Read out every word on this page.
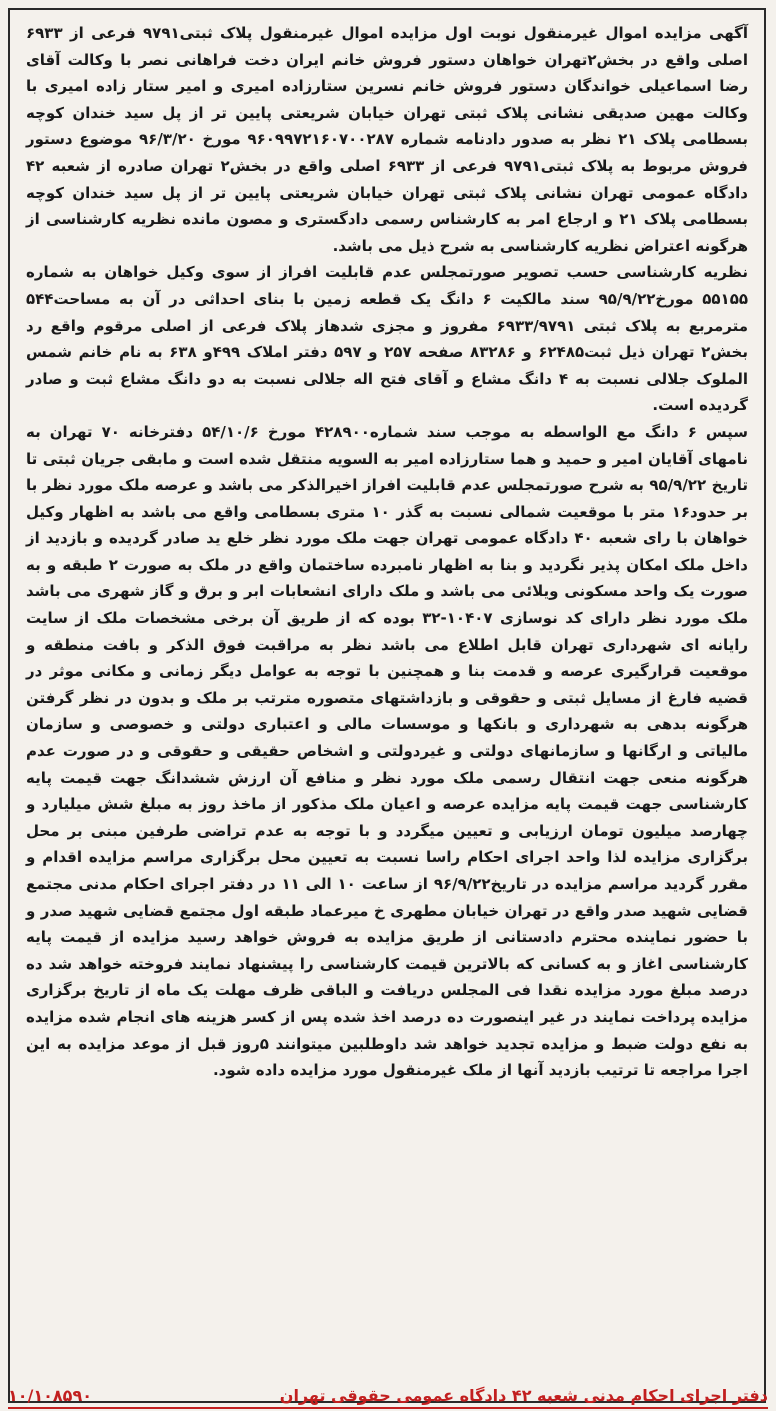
آگهی مزایده اموال غیرمنقول نوبت اول مزایده اموال غیرمنقول پلاک ثبتی۹۷۹۱ فرعی از ۶۹۳۳ اصلی واقع در بخش۲تهران خواهان دستور فروش خانم ایران دخت فراهانی نصر با وکالت آقای رضا اسماعیلی خواندگان دستور فروش خانم نسرین ستارزاده امیری و امیر ستار زاده امیری با وکالت مهین صدیقی نشانی پلاک ثبتی تهران خیابان شریعتی پایین تر از پل سید خندان کوچه بسطامی پلاک ۲۱ نظر به صدور دادنامه شماره ۹۶۰۹۹۷۲۱۶۰۷۰۰۲۸۷ مورخ ۹۶/۳/۲۰ موضوع دستور فروش مربوط به پلاک ثبتی۹۷۹۱ فرعی از ۶۹۳۳ اصلی واقع در بخش۲ تهران صادره از شعبه ۴۲ دادگاه عمومی تهران نشانی پلاک ثبتی تهران خیابان شریعتی پایین تر از پل سید خندان کوچه بسطامی پلاک ۲۱ و ارجاع امر به کارشناس رسمی دادگستری و مصون مانده نظریه کارشناسی از هرگونه اعتراض نظریه کارشناسی به شرح ذیل می باشد.

نظریه کارشناسی حسب تصویر صورتمجلس عدم قابلیت افراز از سوی وکیل خواهان به شماره ۵۵۱۵۵ مورخ۹۵/۹/۲۲ سند مالکیت ۶ دانگ یک قطعه زمین با بنای احداثی در آن به مساحت۵۴۴ مترمربع به پلاک ثبتی ۶۹۳۳/۹۷۹۱ مفروز و مجزی شدهاز پلاک فرعی از اصلی مرقوم واقع رد بخش۲ تهران ذیل ثبت۶۲۴۸۵ و ۸۳۲۸۶ صفحه ۲۵۷ و ۵۹۷ دفتر املاک ۴۹۹و ۶۳۸ به نام خانم شمس الملوک جلالی نسبت به ۴ دانگ مشاع و آقای فتح اله جلالی نسبت به دو دانگ مشاع ثبت و صادر گردیده است.

سپس ۶ دانگ مع الواسطه به موجب سند شماره۴۲۸۹۰۰ مورخ ۵۴/۱۰/۶ دفترخانه ۷۰ تهران به نامهای آقایان امیر و حمید و هما ستارزاده امیر به السویه منتقل شده است و مابقی جریان ثبتی تا تاریخ ۹۵/۹/۲۲ به شرح صورتمجلس عدم قابلیت افراز اخیرالذکر می باشد و عرصه ملک مورد نظر با بر حدود۱۶ متر با موقعیت شمالی نسبت به گذر ۱۰ متری بسطامی واقع می باشد به اظهار وکیل خواهان با رای شعبه ۴۰ دادگاه عمومی تهران جهت ملک مورد نظر خلع ید صادر گردیده و بازدید از داخل ملک امکان پذیر نگردید و بنا به اظهار نامبرده ساختمان واقع در ملک به صورت ۲ طبقه و به صورت یک واحد مسکونی ویلائی می باشد و ملک دارای انشعابات ابر و برق و گاز شهری می باشد ملک مورد نظر دارای کد نوسازی ۱۰۴۰۷-۳۲ بوده که از طریق آن برخی مشخصات ملک از سایت رایانه ای شهرداری تهران قابل اطلاع می باشد نظر به مراقبت فوق الذکر و بافت منطقه و موقعیت قرارگیری عرصه و قدمت بنا و همچنین با توجه به عوامل دیگر زمانی و مکانی موثر در قضیه فارغ از مسایل ثبتی و حقوقی و بازداشتهای متصوره مترتب بر ملک و بدون در نظر گرفتن هرگونه بدهی به شهرداری و بانکها و موسسات مالی و اعتباری دولتی و خصوصی و سازمان مالیاتی و ارگانها و سازمانهای دولتی و غیردولتی و اشخاص حقیقی و حقوقی و در صورت عدم هرگونه منعی جهت انتقال رسمی ملک مورد نظر و منافع آن ارزش ششدانگ جهت قیمت پایه کارشناسی جهت قیمت پایه مزایده عرصه و اعیان ملک مذکور از ماخذ روز به مبلغ شش میلیارد و چهارصد میلیون تومان ارزیابی و تعیین میگردد و با توجه به عدم تراضی طرفین مبنی بر محل برگزاری مزایده لذا واحد اجرای احکام راسا نسبت به تعیین محل برگزاری مراسم مزایده اقدام و مقرر گردید مراسم مزایده در تاریخ۹۶/۹/۲۲ از ساعت ۱۰ الی ۱۱ در دفتر اجرای احکام مدنی مجتمع قضایی شهید صدر واقع در تهران خیابان مطهری خ میرعماد طبقه اول مجتمع قضایی شهید صدر و با حضور نماینده محترم دادستانی از طریق مزایده به فروش خواهد رسید مزایده از قیمت پایه کارشناسی اغاز و به کسانی که بالاترین قیمت کارشناسی را پیشنهاد نمایند فروخته خواهد شد ده درصد مبلغ مورد مزایده نقدا فی المجلس دریافت و الباقی ظرف مهلت یک ماه از تاریخ برگزاری مزایده پرداخت نمایند در غیر اینصورت ده درصد اخذ شده پس از کسر هزینه های انجام شده مزایده به نفع دولت ضبط و مزایده تجدید خواهد شد داوطلبین میتوانند ۵روز قبل از موعد مزایده به این اجرا مراجعه تا ترتیب بازدید آنها از ملک غیرمنقول مورد مزایده داده شود.

دفتر اجرای احکام مدنی شعبه ۴۲ دادگاه عمومی حقوقی تهران
۱۰/۱۰۸۵۹۰
